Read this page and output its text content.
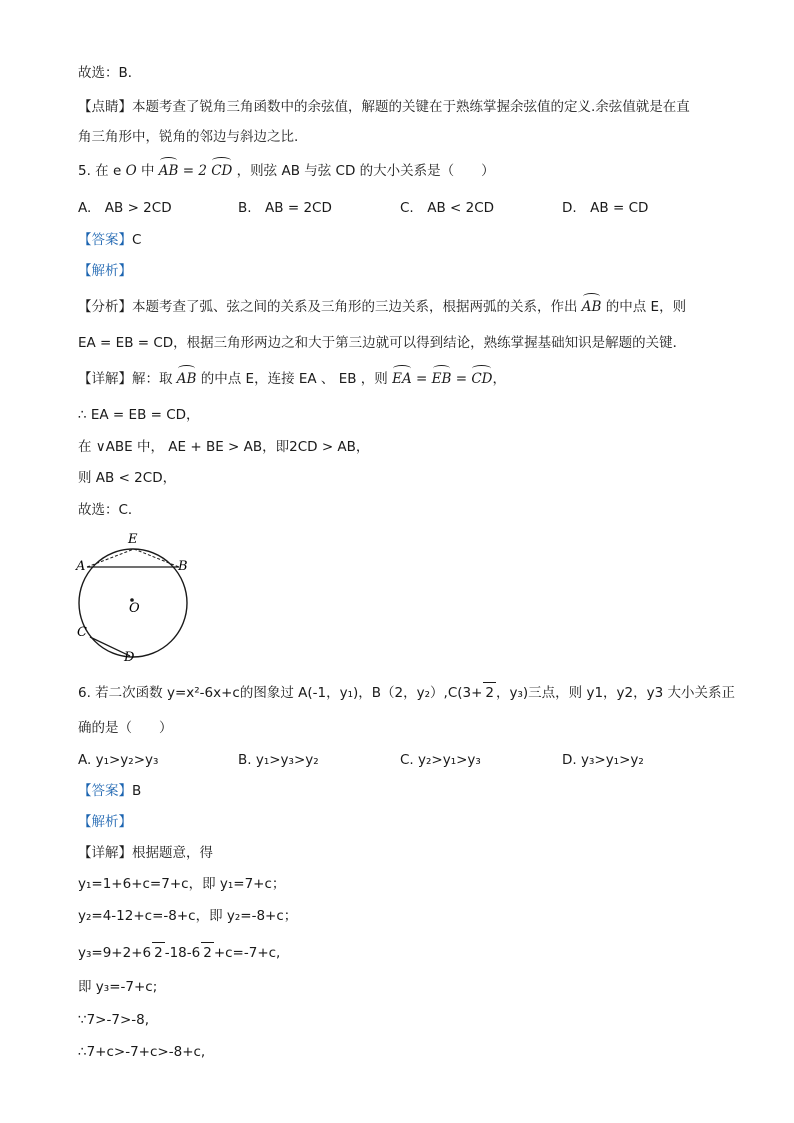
故选：B．
【点睛】本题考查了锐角三角函数中的余弦值，解题的关键在于熟练掌握余弦值的定义.余弦值就是在直
角三角形中，锐角的邻边与斜边之比.
5. 在 e O 中 AB = 2 CD ，则弦 AB 与弦 CD 的大小关系是（　　）
A.　AB > 2CD	B.　AB = 2CD	C.　AB < 2CD	D.　AB = CD
【答案】C
【解析】
【分析】本题考查了弧、弦之间的关系及三角形的三边关系，根据两弧的关系，作出 AB 的中点 E，则
EA = EB = CD，根据三角形两边之和大于第三边就可以得到结论，熟练掌握基础知识是解题的关键．
【详解】解：取 AB 的中点 E，连接 EA 、 EB ，则 EA = EB = CD，
∴ EA = EB = CD，
在 ∨ABE 中， AE + BE > AB，即2CD > AB，
则 AB < 2CD，
故选：C．
E
A	B
O
C
D
6. 若二次函数 y=x²-6x+c的图象过 A(-1，y₁)，B（2，y₂）,C(3+ 2 ，y₃)三点，则 y1，y2，y3 大小关系正
确的是（　　）
A. y₁>y₂>y₃	B. y₁>y₃>y₂	C. y₂>y₁>y₃	D. y₃>y₁>y₂
【答案】B
【解析】
【详解】根据题意，得
y₁=1+6+c=7+c，即 y₁=7+c；
y₂=4-12+c=-8+c，即 y₂=-8+c；
y₃=9+2+6 2 -18-6 2 +c=-7+c,
即 y₃=-7+c;
∵7>-7>-8,
∴7+c>-7+c>-8+c,
